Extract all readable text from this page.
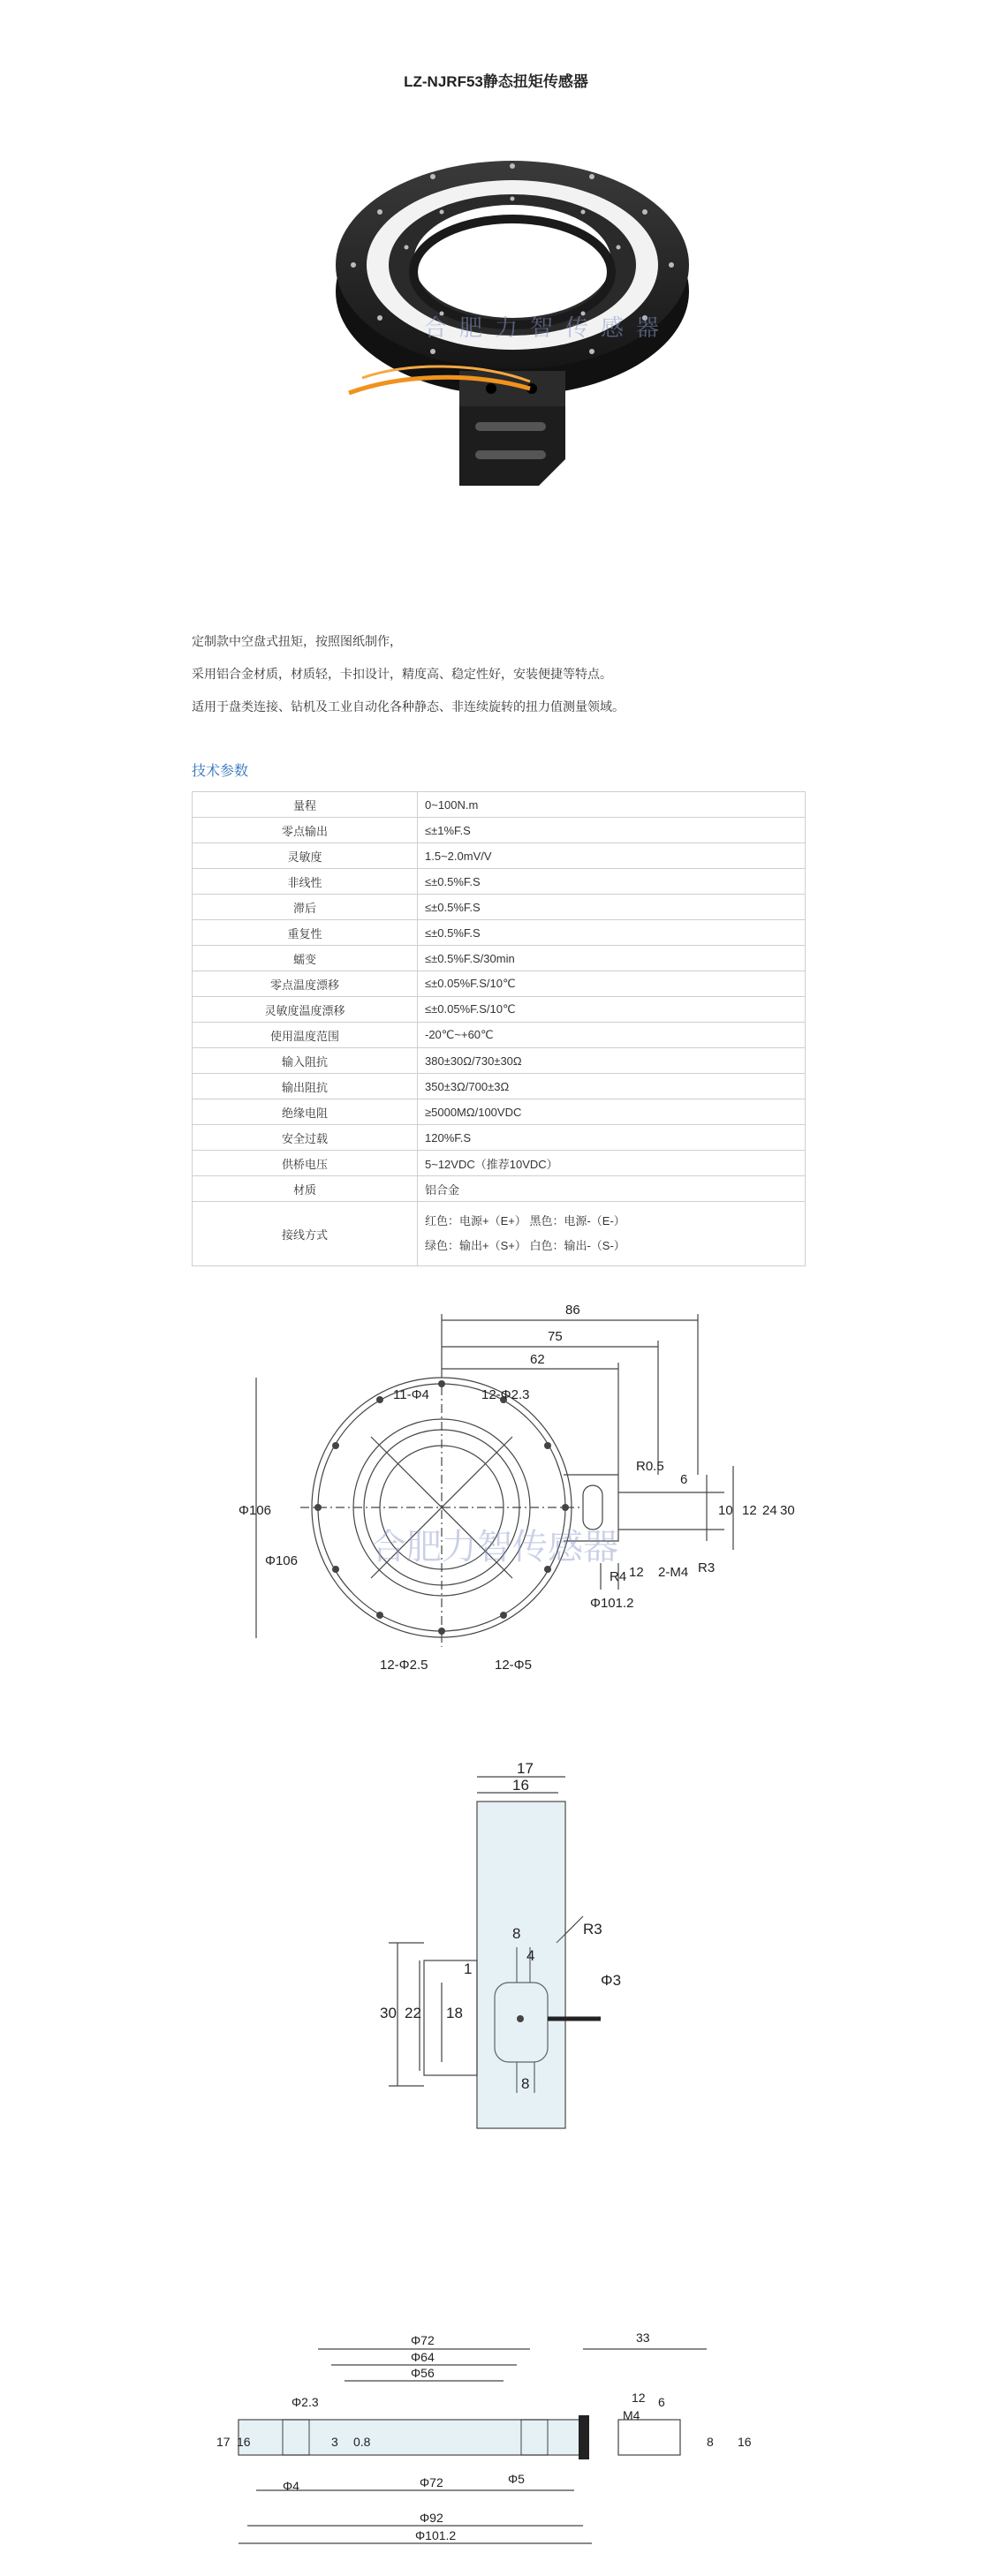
LZ-NJRF53静态扭矩传感器
合肥力智传感器
定制款中空盘式扭矩，按照图纸制作，
采用铝合金材质，材质轻，卡扣设计，精度高、稳定性好，安装便捷等特点。
适用于盘类连接、钻机及工业自动化各种静态、非连续旋转的扭力值测量领域。
技术参数
量程	0~100N.m
零点输出	≤±1%F.S
灵敏度	1.5~2.0mV/V
非线性	≤±0.5%F.S
滞后	≤±0.5%F.S
重复性	≤±0.5%F.S
蠕变	≤±0.5%F.S/30min
零点温度漂移	≤±0.05%F.S/10℃
灵敏度温度漂移	≤±0.05%F.S/10℃
使用温度范围	-20℃~+60℃
输入阻抗	380±30Ω/730±30Ω
输出阻抗	350±3Ω/700±3Ω
绝缘电阻	≥5000MΩ/100VDC
安全过载	120%F.S
供桥电压	5~12VDC（推荐10VDC）
材质	铝合金
接线方式	红色：电源+（E+） 黑色：电源-（E-）
绿色：输出+（S+） 白色：输出-（S-）
合肥力智传感器
86
75
62
11-Φ4	12-Φ2.3
R0.5
6
10 12 24 30
Φ106
Φ106
R4 12 2-M4 R3
Φ101.2
12-Φ2.5	12-Φ5
17
16
8
1
4
R3
Φ3
30 22 18
8
Φ72
Φ64
Φ56
Φ2.3
17 16	3 0.8
Φ4	Φ72	Φ5
Φ92
Φ101.2
33
12 6
M4
8 16
